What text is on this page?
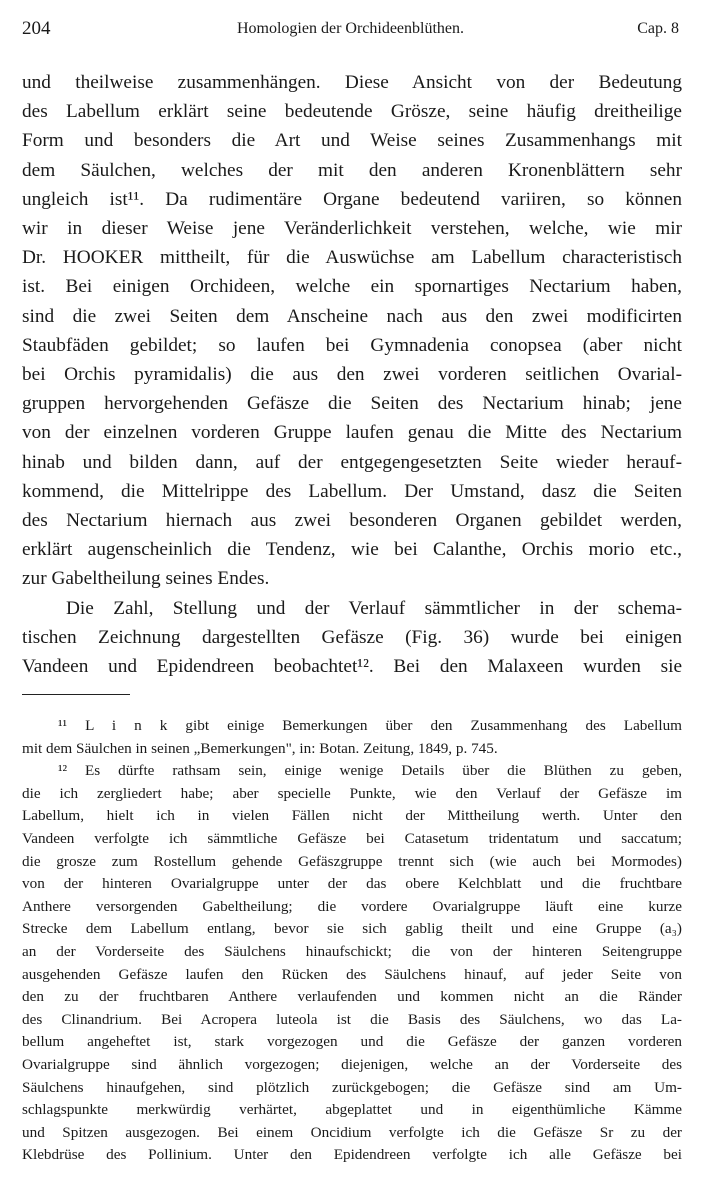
204	Homologien der Orchideenblüthen.	Cap. 8
und theilweise zusammenhängen. Diese Ansicht von der Bedeutung
des Labellum erklärt seine bedeutende Grösze, seine häufig dreitheilige
Form und besonders die Art und Weise seines Zusammenhangs mit
dem Säulchen, welches der mit den anderen Kronenblättern sehr
ungleich ist¹¹. Da rudimentäre Organe bedeutend variiren, so können
wir in dieser Weise jene Veränderlichkeit verstehen, welche, wie mir
Dr. HOOKER mittheilt, für die Auswüchse am Labellum characteristisch
ist. Bei einigen Orchideen, welche ein spornartiges Nectarium haben,
sind die zwei Seiten dem Anscheine nach aus den zwei modificirten
Staubfäden gebildet; so laufen bei Gymnadenia conopsea (aber nicht
bei Orchis pyramidalis) die aus den zwei vorderen seitlichen Ovarial-
gruppen hervorgehenden Gefäsze die Seiten des Nectarium hinab; jene
von der einzelnen vorderen Gruppe laufen genau die Mitte des Nectarium
hinab und bilden dann, auf der entgegengesetzten Seite wieder herauf-
kommend, die Mittelrippe des Labellum. Der Umstand, dasz die Seiten
des Nectarium hiernach aus zwei besonderen Organen gebildet werden,
erklärt augenscheinlich die Tendenz, wie bei Calanthe, Orchis morio etc.,
zur Gabeltheilung seines Endes.
Die Zahl, Stellung und der Verlauf sämmtlicher in der schema-
tischen Zeichnung dargestellten Gefäsze (Fig. 36) wurde bei einigen
Vandeen und Epidendreen beobachtet¹². Bei den Malaxeen wurden sie
¹¹ L i n k gibt einige Bemerkungen über den Zusammenhang des Labellum
mit dem Säulchen in seinen „Bemerkungen", in: Botan. Zeitung, 1849, p. 745.
¹² Es dürfte rathsam sein, einige wenige Details über die Blüthen zu geben,
die ich zergliedert habe; aber specielle Punkte, wie den Verlauf der Gefäsze im
Labellum, hielt ich in vielen Fällen nicht der Mittheilung werth. Unter den
Vandeen verfolgte ich sämmtliche Gefäsze bei Catasetum tridentatum und saccatum;
die grosze zum Rostellum gehende Gefäszgruppe trennt sich (wie auch bei Mormodes)
von der hinteren Ovarialgruppe unter der das obere Kelchblatt und die fruchtbare
Anthere versorgenden Gabeltheilung; die vordere Ovarialgruppe läuft eine kurze
Strecke dem Labellum entlang, bevor sie sich gablig theilt und eine Gruppe (a₃)
an der Vorderseite des Säulchens hinaufschickt; die von der hinteren Seitengruppe
ausgehenden Gefäsze laufen den Rücken des Säulchens hinauf, auf jeder Seite von
den zu der fruchtbaren Anthere verlaufenden und kommen nicht an die Ränder
des Clinandrium. Bei Acropera luteola ist die Basis des Säulchens, wo das La-
bellum angeheftet ist, stark vorgezogen und die Gefäsze der ganzen vorderen
Ovarialgruppe sind ähnlich vorgezogen; diejenigen, welche an der Vorderseite des
Säulchens hinaufgehen, sind plötzlich zurückgebogen; die Gefäsze sind am Um-
schlagspunkte merkwürdig verhärtet, abgeplattet und in eigenthümliche Kämme
und Spitzen ausgezogen. Bei einem Oncidium verfolgte ich die Gefäsze Sr zu der
Klebdrüse des Pollinium. Unter den Epidendreen verfolgte ich alle Gefäsze bei
